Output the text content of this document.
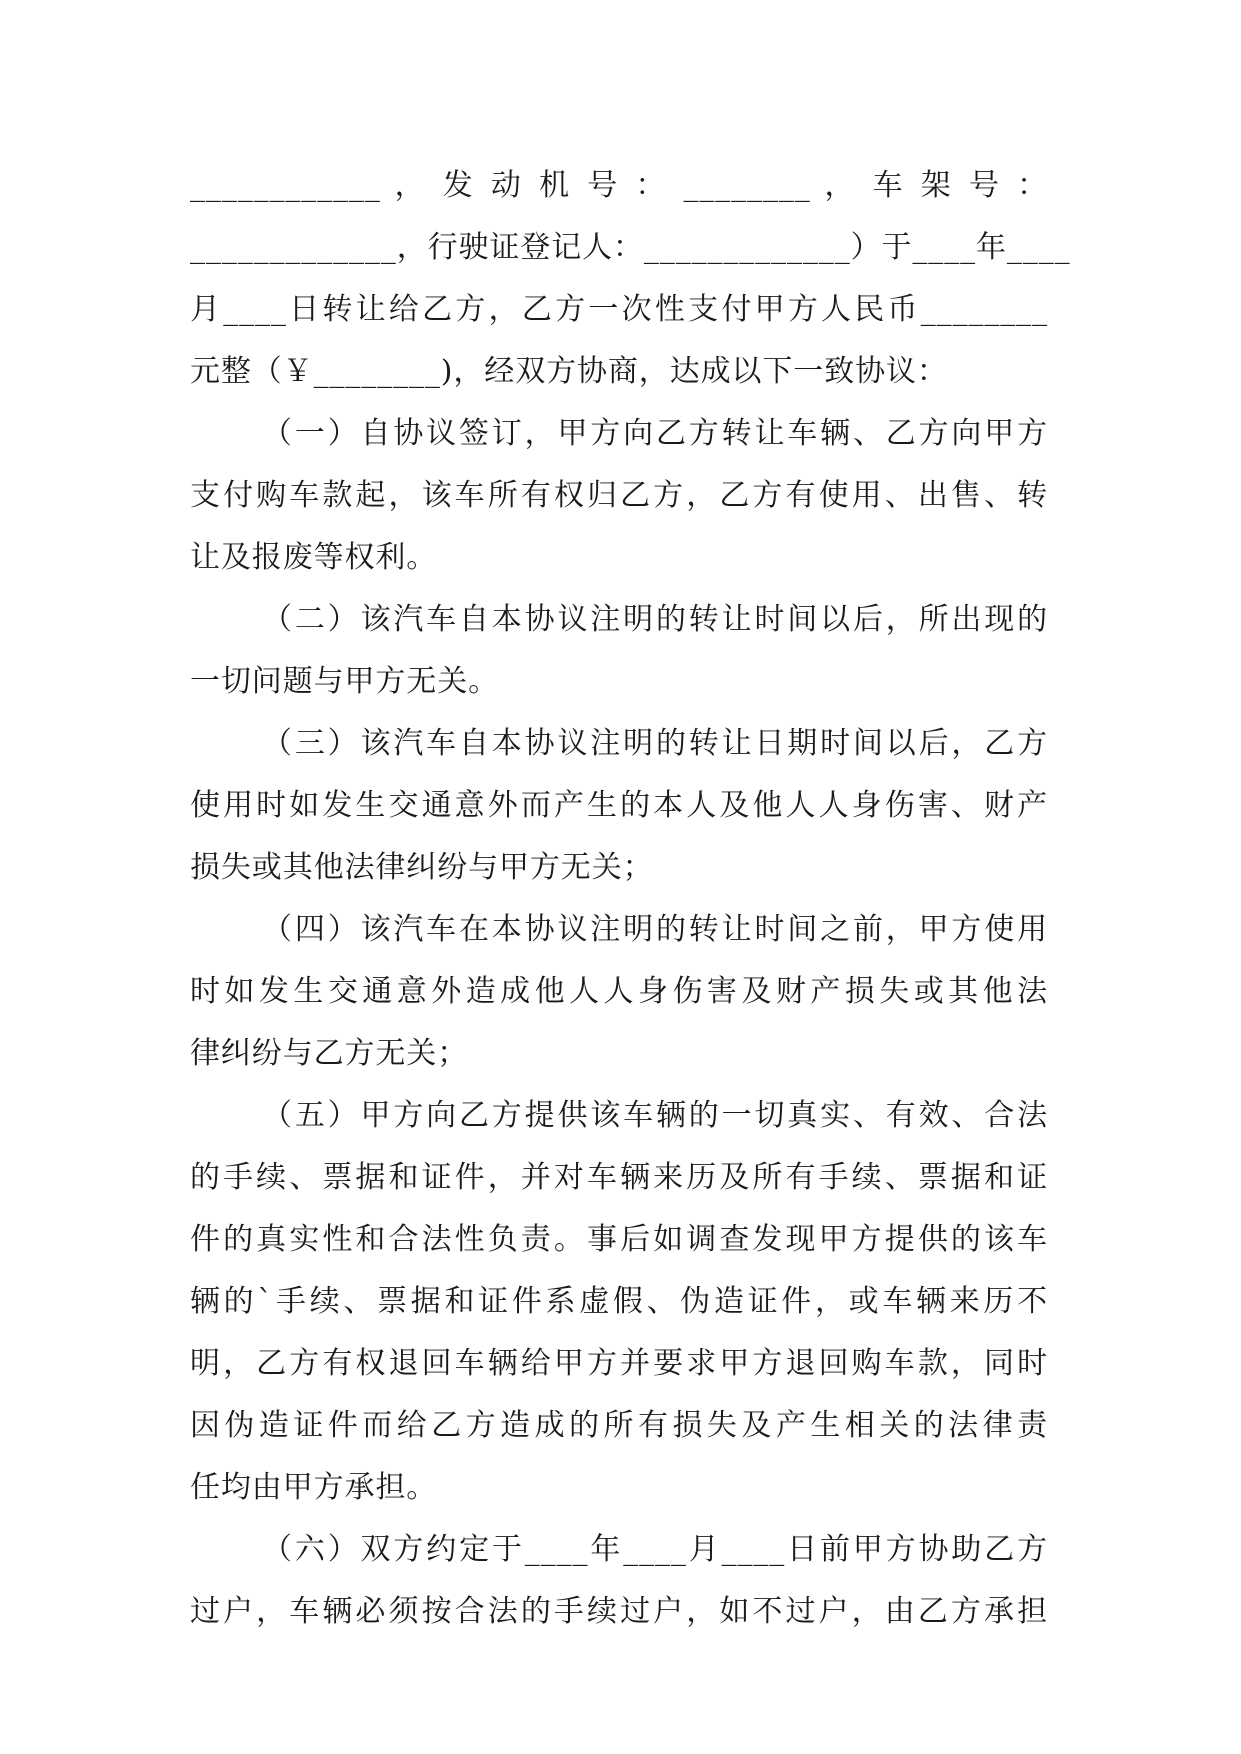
____________ ， 发 动 机 号 ： ________ ， 车 架 号 ：
_____________，行驶证登记人：_____________）于____年____
月____日转让给乙方，乙方一次性支付甲方人民币________
元整（￥________)，经双方协商，达成以下一致协议：
（一）自协议签订，甲方向乙方转让车辆、乙方向甲方
支付购车款起，该车所有权归乙方，乙方有使用、出售、转
让及报废等权利。
（二）该汽车自本协议注明的转让时间以后，所出现的
一切问题与甲方无关。
（三）该汽车自本协议注明的转让日期时间以后，乙方
使用时如发生交通意外而产生的本人及他人人身伤害、财产
损失或其他法律纠纷与甲方无关；
（四）该汽车在本协议注明的转让时间之前，甲方使用
时如发生交通意外造成他人人身伤害及财产损失或其他法
律纠纷与乙方无关；
（五）甲方向乙方提供该车辆的一切真实、有效、合法
的手续、票据和证件，并对车辆来历及所有手续、票据和证
件的真实性和合法性负责。事后如调查发现甲方提供的该车
辆的`手续、票据和证件系虚假、伪造证件，或车辆来历不
明，乙方有权退回车辆给甲方并要求甲方退回购车款，同时
因伪造证件而给乙方造成的所有损失及产生相关的法律责
任均由甲方承担。
（六）双方约定于____年____月____日前甲方协助乙方
过户，车辆必须按合法的手续过户，如不过户，由乙方承担
